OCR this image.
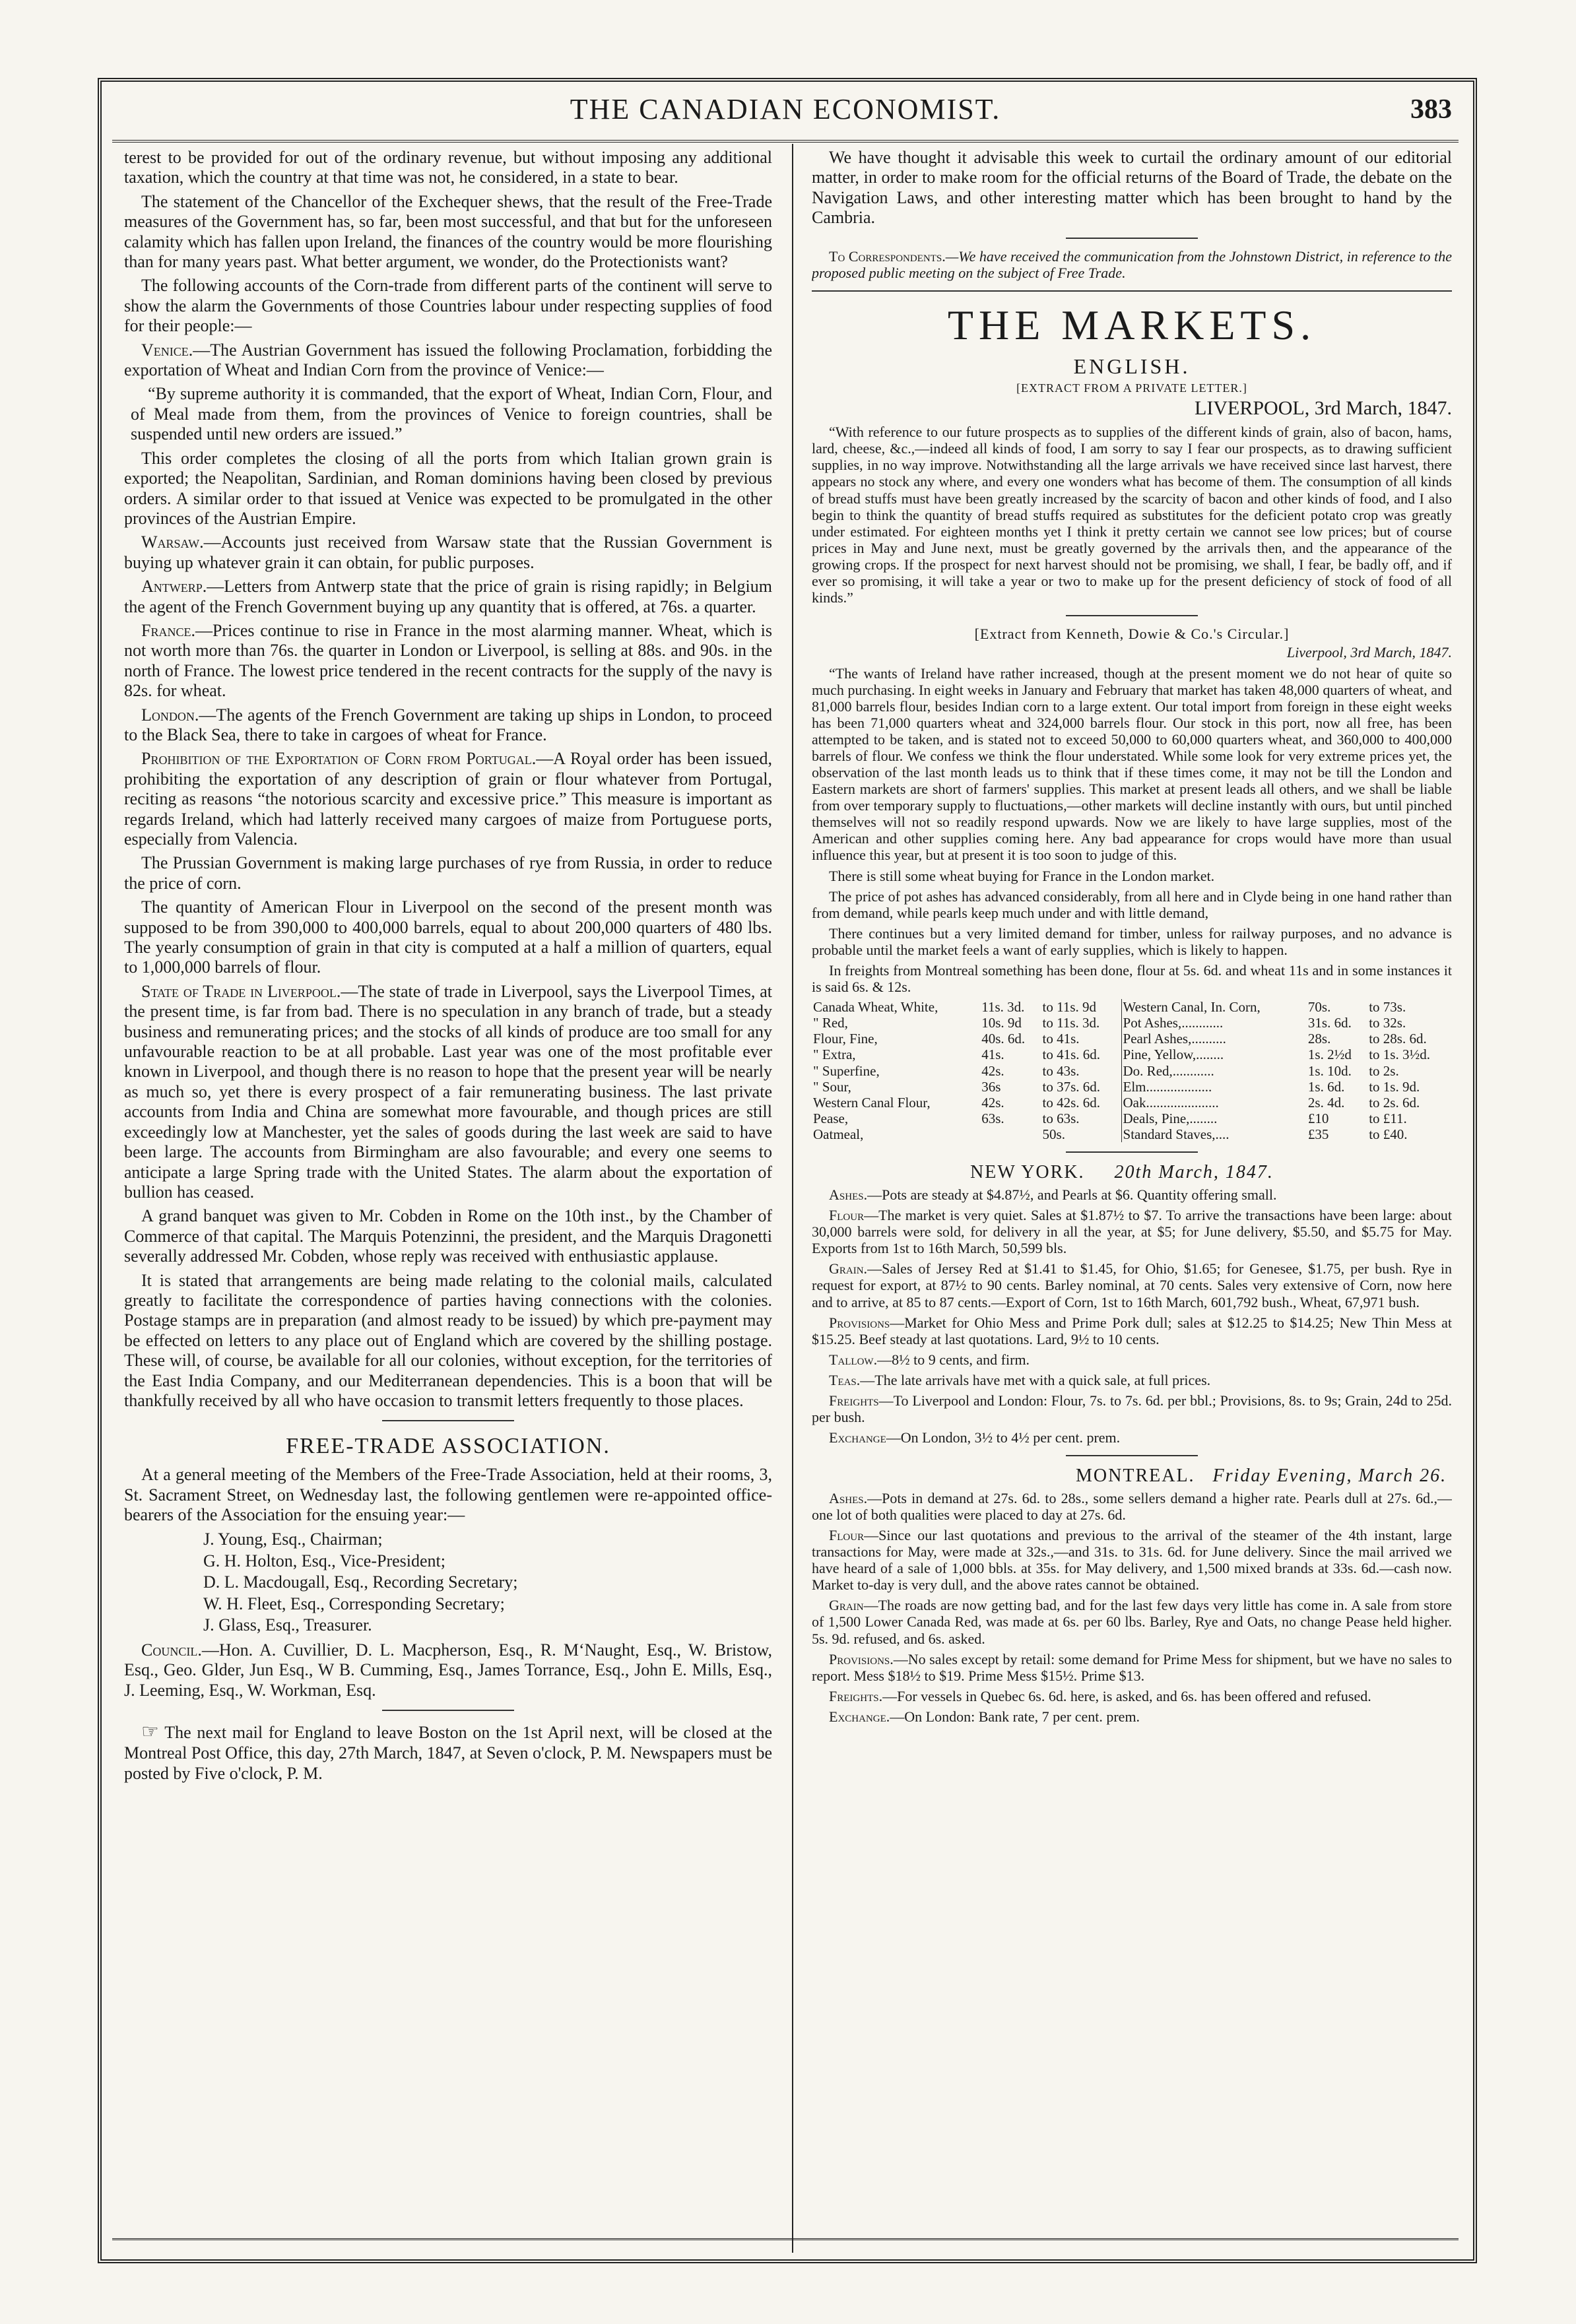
THE CANADIAN ECONOMIST.	383

terest to be provided for out of the ordinary revenue, but without imposing any additional taxation, which the country at that time was not, he considered, in a state to bear.

The statement of the Chancellor of the Exchequer shews, that the result of the Free-Trade measures of the Government has, so far, been most successful, and that but for the unforeseen calamity which has fallen upon Ireland, the finances of the country would be more flourishing than for many years past. What better argument, we wonder, do the Protectionists want?

The following accounts of the Corn-trade from different parts of the continent will serve to show the alarm the Governments of those Countries labour under respecting supplies of food for their people:—

Venice.—The Austrian Government has issued the following Proclamation, forbidding the exportation of Wheat and Indian Corn from the province of Venice:—

“By supreme authority it is commanded, that the export of Wheat, Indian Corn, Flour, and of Meal made from them, from the provinces of Venice to foreign countries, shall be suspended until new orders are issued.”

This order completes the closing of all the ports from which Italian grown grain is exported; the Neapolitan, Sardinian, and Roman dominions having been closed by previous orders. A similar order to that issued at Venice was expected to be promulgated in the other provinces of the Austrian Empire.

Warsaw.—Accounts just received from Warsaw state that the Russian Government is buying up whatever grain it can obtain, for public purposes.

Antwerp.—Letters from Antwerp state that the price of grain is rising rapidly; in Belgium the agent of the French Government buying up any quantity that is offered, at 76s. a quarter.

France.—Prices continue to rise in France in the most alarming manner. Wheat, which is not worth more than 76s. the quarter in London or Liverpool, is selling at 88s. and 90s. in the north of France. The lowest price tendered in the recent contracts for the supply of the navy is 82s. for wheat.

London.—The agents of the French Government are taking up ships in London, to proceed to the Black Sea, there to take in cargoes of wheat for France.

Prohibition of the Exportation of Corn from Portugal.—A Royal order has been issued, prohibiting the exportation of any description of grain or flour whatever from Portugal, reciting as reasons “the notorious scarcity and excessive price.” This measure is important as regards Ireland, which had latterly received many cargoes of maize from Portuguese ports, especially from Valencia.

The Prussian Government is making large purchases of rye from Russia, in order to reduce the price of corn.

The quantity of American Flour in Liverpool on the second of the present month was supposed to be from 390,000 to 400,000 barrels, equal to about 200,000 quarters of 480 lbs. The yearly consumption of grain in that city is computed at a half a million of quarters, equal to 1,000,000 barrels of flour.

State of Trade in Liverpool.—The state of trade in Liverpool, says the Liverpool Times, at the present time, is far from bad. There is no speculation in any branch of trade, but a steady business and remunerating prices; and the stocks of all kinds of produce are too small for any unfavourable reaction to be at all probable. Last year was one of the most profitable ever known in Liverpool, and though there is no reason to hope that the present year will be nearly as much so, yet there is every prospect of a fair remunerating business. The last private accounts from India and China are somewhat more favourable, and though prices are still exceedingly low at Manchester, yet the sales of goods during the last week are said to have been large. The accounts from Birmingham are also favourable; and every one seems to anticipate a large Spring trade with the United States. The alarm about the exportation of bullion has ceased.

A grand banquet was given to Mr. Cobden in Rome on the 10th inst., by the Chamber of Commerce of that capital. The Marquis Potenzinni, the president, and the Marquis Dragonetti severally addressed Mr. Cobden, whose reply was received with enthusiastic applause.

It is stated that arrangements are being made relating to the colonial mails, calculated greatly to facilitate the correspondence of parties having connections with the colonies. Postage stamps are in preparation (and almost ready to be issued) by which pre-payment may be effected on letters to any place out of England which are covered by the shilling postage. These will, of course, be available for all our colonies, without exception, for the territories of the East India Company, and our Mediterranean dependencies. This is a boon that will be thankfully received by all who have occasion to transmit letters frequently to those places.

FREE-TRADE ASSOCIATION.

At a general meeting of the Members of the Free-Trade Association, held at their rooms, 3, St. Sacrament Street, on Wednesday last, the following gentlemen were re-appointed office-bearers of the Association for the ensuing year:—

J. Young, Esq., Chairman;
G. H. Holton, Esq., Vice-President;
D. L. Macdougall, Esq., Recording Secretary;
W. H. Fleet, Esq., Corresponding Secretary;
J. Glass, Esq., Treasurer.

Council.—Hon. A. Cuvillier, D. L. Macpherson, Esq., R. M‘Naught, Esq., W. Bristow, Esq., Geo. Glder, Jun Esq., W B. Cumming, Esq., James Torrance, Esq., John E. Mills, Esq., J. Leeming, Esq., W. Workman, Esq.

☞ The next mail for England to leave Boston on the 1st April next, will be closed at the Montreal Post Office, this day, 27th March, 1847, at Seven o'clock, P. M. Newspapers must be posted by Five o'clock, P. M.

We have thought it advisable this week to curtail the ordinary amount of our editorial matter, in order to make room for the official returns of the Board of Trade, the debate on the Navigation Laws, and other interesting matter which has been brought to hand by the Cambria.

To Correspondents.—We have received the communication from the Johnstown District, in reference to the proposed public meeting on the subject of Free Trade.

THE MARKETS.
ENGLISH.
[EXTRACT FROM A PRIVATE LETTER.]
LIVERPOOL, 3rd March, 1847.

“With reference to our future prospects as to supplies of the different kinds of grain, also of bacon, hams, lard, cheese, &c.,—indeed all kinds of food, I am sorry to say I fear our prospects, as to drawing sufficient supplies, in no way improve. Notwithstanding all the large arrivals we have received since last harvest, there appears no stock any where, and every one wonders what has become of them. The consumption of all kinds of bread stuffs must have been greatly increased by the scarcity of bacon and other kinds of food, and I also begin to think the quantity of bread stuffs required as substitutes for the deficient potato crop was greatly under estimated. For eighteen months yet I think it pretty certain we cannot see low prices; but of course prices in May and June next, must be greatly governed by the arrivals then, and the appearance of the growing crops. If the prospect for next harvest should not be promising, we shall, I fear, be badly off, and if ever so promising, it will take a year or two to make up for the present deficiency of stock of food of all kinds.”

[Extract from Kenneth, Dowie & Co.'s Circular.]
Liverpool, 3rd March, 1847.

“The wants of Ireland have rather increased, though at the present moment we do not hear of quite so much purchasing. In eight weeks in January and February that market has taken 48,000 quarters of wheat, and 81,000 barrels flour, besides Indian corn to a large extent. Our total import from foreign in these eight weeks has been 71,000 quarters wheat and 324,000 barrels flour. Our stock in this port, now all free, has been attempted to be taken, and is stated not to exceed 50,000 to 60,000 quarters wheat, and 360,000 to 400,000 barrels of flour. We confess we think the flour understated. While some look for very extreme prices yet, the observation of the last month leads us to think that if these times come, it may not be till the London and Eastern markets are short of farmers' supplies. This market at present leads all others, and we shall be liable from over temporary supply to fluctuations,—other markets will decline instantly with ours, but until pinched themselves will not so readily respond upwards. Now we are likely to have large supplies, most of the American and other supplies coming here. Any bad appearance for crops would have more than usual influence this year, but at present it is too soon to judge of this.

There is still some wheat buying for France in the London market.

The price of pot ashes has advanced considerably, from all here and in Clyde being in one hand rather than from demand, while pearls keep much under and with little demand,

There continues but a very limited demand for timber, unless for railway purposes, and no advance is probable until the market feels a want of early supplies, which is likely to happen.

In freights from Montreal something has been done, flour at 5s. 6d. and wheat 11s and in some instances it is said 6s. & 12s.

Canada Wheat, White,	11s. 3d.	to 11s. 9d	Western Canal, In. Corn,	70s.	to 73s.
" Red,	10s. 9d	to 11s. 3d.	Pot Ashes,............	31s. 6d.	to 32s.
Flour, Fine,	40s. 6d.	to 41s.	Pearl Ashes,..........	28s.	to 28s. 6d.
" Extra,	41s.	to 41s. 6d.	Pine, Yellow,........	1s. 2½d	to 1s. 3½d.
" Superfine,	42s.	to 43s.	Do. Red,............	1s. 10d.	to 2s.
" Sour,	36s	to 37s. 6d.	Elm...................	1s. 6d.	to 1s. 9d.
Western Canal Flour,	42s.	to 42s. 6d.	Oak.....................	2s. 4d.	to 2s. 6d.
Pease,	63s.	to 63s.	Deals, Pine,........	£10	to £11.
Oatmeal,		50s.	Standard Staves,....	£35	to £40.
NEW YORK. 20th March, 1847.

Ashes.—Pots are steady at $4.87½, and Pearls at $6. Quantity offering small.

Flour—The market is very quiet. Sales at $1.87½ to $7. To arrive the transactions have been large: about 30,000 barrels were sold, for delivery in all the year, at $5; for June delivery, $5.50, and $5.75 for May. Exports from 1st to 16th March, 50,599 bls.

Grain.—Sales of Jersey Red at $1.41 to $1.45, for Ohio, $1.65; for Genesee, $1.75, per bush. Rye in request for export, at 87½ to 90 cents. Barley nominal, at 70 cents. Sales very extensive of Corn, now here and to arrive, at 85 to 87 cents.—Export of Corn, 1st to 16th March, 601,792 bush., Wheat, 67,971 bush.

Provisions—Market for Ohio Mess and Prime Pork dull; sales at $12.25 to $14.25; New Thin Mess at $15.25. Beef steady at last quotations. Lard, 9½ to 10 cents.

Tallow.—8½ to 9 cents, and firm.

Teas.—The late arrivals have met with a quick sale, at full prices.

Freights—To Liverpool and London: Flour, 7s. to 7s. 6d. per bbl.; Provisions, 8s. to 9s; Grain, 24d to 25d. per bush.

Exchange—On London, 3½ to 4½ per cent. prem.

MONTREAL. Friday Evening, March 26.

Ashes.—Pots in demand at 27s. 6d. to 28s., some sellers demand a higher rate. Pearls dull at 27s. 6d.,—one lot of both qualities were placed to day at 27s. 6d.

Flour—Since our last quotations and previous to the arrival of the steamer of the 4th instant, large transactions for May, were made at 32s.,—and 31s. to 31s. 6d. for June delivery. Since the mail arrived we have heard of a sale of 1,000 bbls. at 35s. for May delivery, and 1,500 mixed brands at 33s. 6d.—cash now. Market to-day is very dull, and the above rates cannot be obtained.

Grain—The roads are now getting bad, and for the last few days very little has come in. A sale from store of 1,500 Lower Canada Red, was made at 6s. per 60 lbs. Barley, Rye and Oats, no change Pease held higher. 5s. 9d. refused, and 6s. asked.

Provisions.—No sales except by retail: some demand for Prime Mess for shipment, but we have no sales to report. Mess $18½ to $19. Prime Mess $15½. Prime $13.

Freights.—For vessels in Quebec 6s. 6d. here, is asked, and 6s. has been offered and refused.

Exchange.—On London: Bank rate, 7 per cent. prem.
